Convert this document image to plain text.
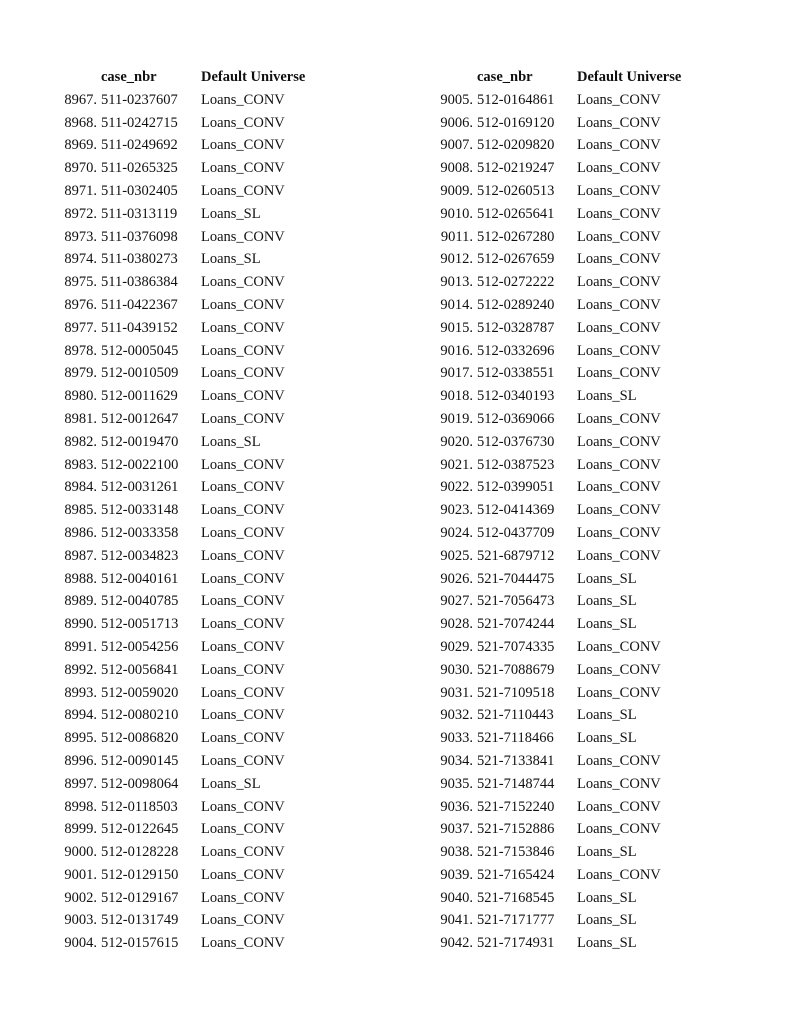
case_nbr	Default Universe
8967. 511-0237607 Loans_CONV
8968. 511-0242715 Loans_CONV
8969. 511-0249692 Loans_CONV
8970. 511-0265325 Loans_CONV
8971. 511-0302405 Loans_CONV
8972. 511-0313119 Loans_SL
8973. 511-0376098 Loans_CONV
8974. 511-0380273 Loans_SL
8975. 511-0386384 Loans_CONV
8976. 511-0422367 Loans_CONV
8977. 511-0439152 Loans_CONV
8978. 512-0005045 Loans_CONV
8979. 512-0010509 Loans_CONV
8980. 512-0011629 Loans_CONV
8981. 512-0012647 Loans_CONV
8982. 512-0019470 Loans_SL
8983. 512-0022100 Loans_CONV
8984. 512-0031261 Loans_CONV
8985. 512-0033148 Loans_CONV
8986. 512-0033358 Loans_CONV
8987. 512-0034823 Loans_CONV
8988. 512-0040161 Loans_CONV
8989. 512-0040785 Loans_CONV
8990. 512-0051713 Loans_CONV
8991. 512-0054256 Loans_CONV
8992. 512-0056841 Loans_CONV
8993. 512-0059020 Loans_CONV
8994. 512-0080210 Loans_CONV
8995. 512-0086820 Loans_CONV
8996. 512-0090145 Loans_CONV
8997. 512-0098064 Loans_SL
8998. 512-0118503 Loans_CONV
8999. 512-0122645 Loans_CONV
9000. 512-0128228 Loans_CONV
9001. 512-0129150 Loans_CONV
9002. 512-0129167 Loans_CONV
9003. 512-0131749 Loans_CONV
9004. 512-0157615 Loans_CONV
case_nbr	Default Universe
9005. 512-0164861 Loans_CONV
9006. 512-0169120 Loans_CONV
9007. 512-0209820 Loans_CONV
9008. 512-0219247 Loans_CONV
9009. 512-0260513 Loans_CONV
9010. 512-0265641 Loans_CONV
9011. 512-0267280 Loans_CONV
9012. 512-0267659 Loans_CONV
9013. 512-0272222 Loans_CONV
9014. 512-0289240 Loans_CONV
9015. 512-0328787 Loans_CONV
9016. 512-0332696 Loans_CONV
9017. 512-0338551 Loans_CONV
9018. 512-0340193 Loans_SL
9019. 512-0369066 Loans_CONV
9020. 512-0376730 Loans_CONV
9021. 512-0387523 Loans_CONV
9022. 512-0399051 Loans_CONV
9023. 512-0414369 Loans_CONV
9024. 512-0437709 Loans_CONV
9025. 521-6879712 Loans_CONV
9026. 521-7044475 Loans_SL
9027. 521-7056473 Loans_SL
9028. 521-7074244 Loans_SL
9029. 521-7074335 Loans_CONV
9030. 521-7088679 Loans_CONV
9031. 521-7109518 Loans_CONV
9032. 521-7110443 Loans_SL
9033. 521-7118466 Loans_SL
9034. 521-7133841 Loans_CONV
9035. 521-7148744 Loans_CONV
9036. 521-7152240 Loans_CONV
9037. 521-7152886 Loans_CONV
9038. 521-7153846 Loans_SL
9039. 521-7165424 Loans_CONV
9040. 521-7168545 Loans_SL
9041. 521-7171777 Loans_SL
9042. 521-7174931 Loans_SL
